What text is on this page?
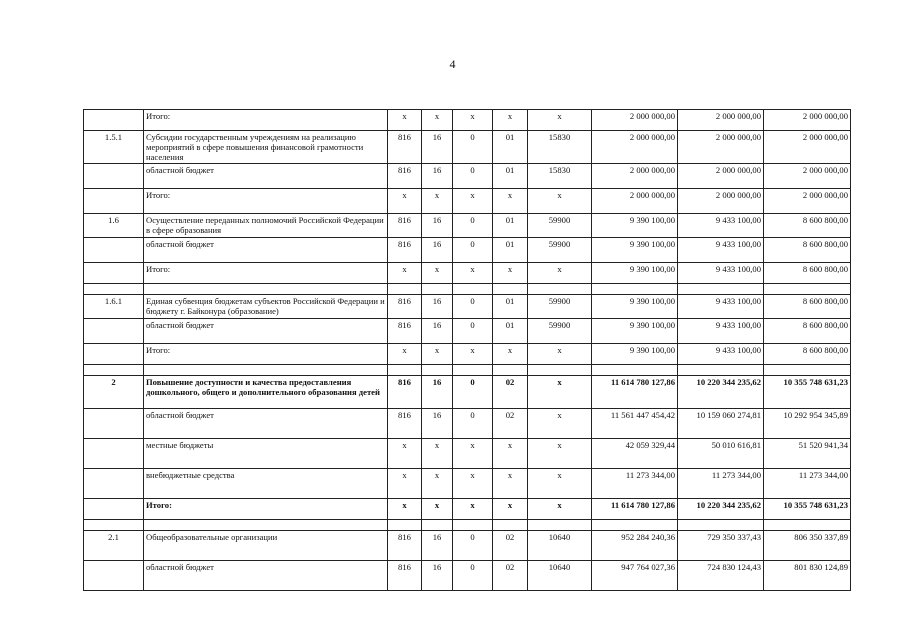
4
	Итого:	x	x	x	x	x	2 000 000,00	2 000 000,00	2 000 000,00
1.5.1	Субсидии государственным учреждениям на реализацию мероприятий в сфере повышения финансовой грамотности населения	816	16	0	01	15830	2 000 000,00	2 000 000,00	2 000 000,00
	областной бюджет	816	16	0	01	15830	2 000 000,00	2 000 000,00	2 000 000,00
	Итого:	x	x	x	x	x	2 000 000,00	2 000 000,00	2 000 000,00
1.6	Осуществление переданных полномочий Российской Федерации в сфере образования	816	16	0	01	59900	9 390 100,00	9 433 100,00	8 600 800,00
	областной бюджет	816	16	0	01	59900	9 390 100,00	9 433 100,00	8 600 800,00
	Итого:	x	x	x	x	x	9 390 100,00	9 433 100,00	8 600 800,00

1.6.1	Единая субвенция бюджетам субъектов Российской Федерации и бюджету г. Байконура (образование)	816	16	0	01	59900	9 390 100,00	9 433 100,00	8 600 800,00
	областной бюджет	816	16	0	01	59900	9 390 100,00	9 433 100,00	8 600 800,00
	Итого:	x	x	x	x	x	9 390 100,00	9 433 100,00	8 600 800,00

2	Повышение доступности и качества предоставления дошкольного, общего и дополнительного образования детей	816	16	0	02	x	11 614 780 127,86	10 220 344 235,62	10 355 748 631,23
	областной бюджет	816	16	0	02	x	11 561 447 454,42	10 159 060 274,81	10 292 954 345,89
	местные бюджеты	x	x	x	x	x	42 059 329,44	50 010 616,81	51 520 941,34
	внебюджетные средства	x	x	x	x	x	11 273 344,00	11 273 344,00	11 273 344,00
	Итого:	x	x	x	x	x	11 614 780 127,86	10 220 344 235,62	10 355 748 631,23

2.1	Общеобразовательные организации	816	16	0	02	10640	952 284 240,36	729 350 337,43	806 350 337,89
	областной бюджет	816	16	0	02	10640	947 764 027,36	724 830 124,43	801 830 124,89
